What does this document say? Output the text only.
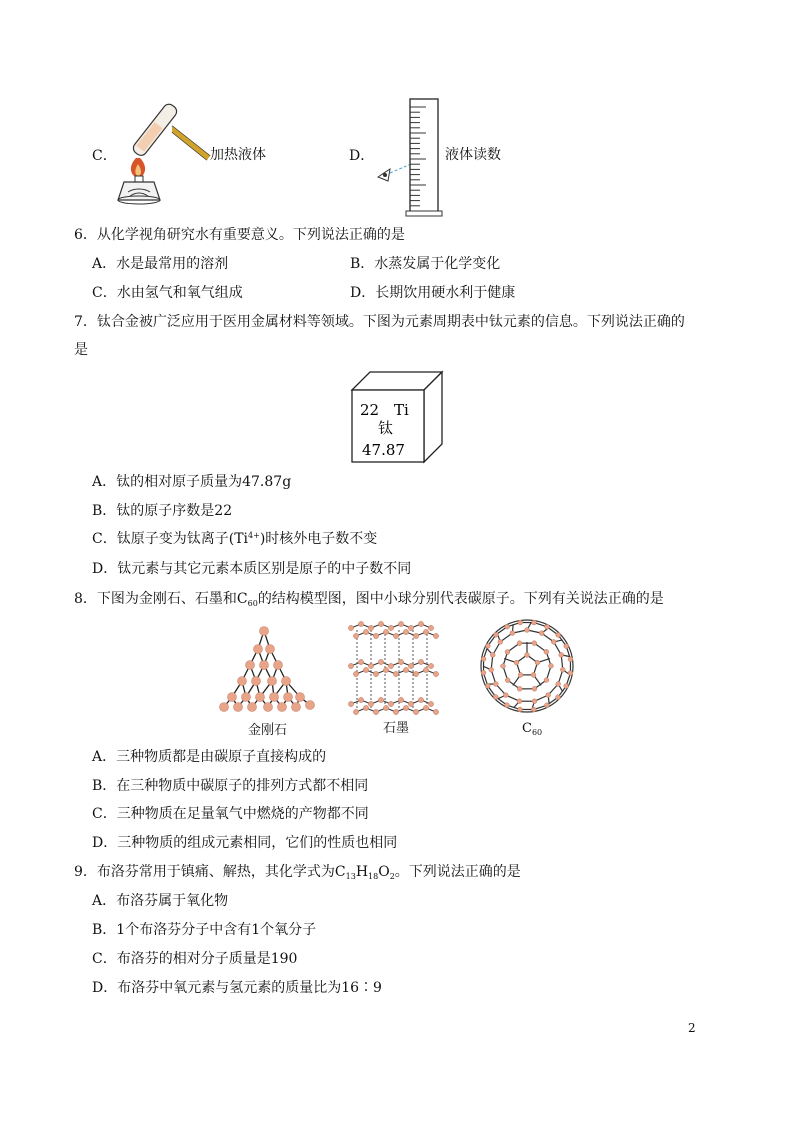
C．	加热液体	D．	液体读数
6．从化学视角研究水有重要意义。下列说法正确的是
A．水是最常用的溶剂	B．水蒸发属于化学变化
C．水由氢气和氧气组成	D．长期饮用硬水利于健康
7．钛合金被广泛应用于医用金属材料等领域。下图为元素周期表中钛元素的信息。下列说法正确的
是
22 Ti
钛
47.87
A．钛的相对原子质量为47.87g
B．钛的原子序数是22
C．钛原子变为钛离子$(Ti^{4+})$时核外电子数不变
D．钛元素与其它元素本质区别是原子的中子数不同
8．下图为金刚石、石墨和$C_{60}$的结构模型图，图中小球分别代表碳原子。下列有关说法正确的是
金刚石	石墨	$C_{60}$
A．三种物质都是由碳原子直接构成的
B．在三种物质中碳原子的排列方式都不相同
C．三种物质在足量氧气中燃烧的产物都不同
D．三种物质的组成元素相同，它们的性质也相同
9．布洛芬常用于镇痛、解热，其化学式为$C_{13}H_{18}O_2$。下列说法正确的是
A．布洛芬属于氧化物
B．1个布洛芬分子中含有1个氧分子
C．布洛芬的相对分子质量是190
D．布洛芬中氧元素与氢元素的质量比为16∶9
2
